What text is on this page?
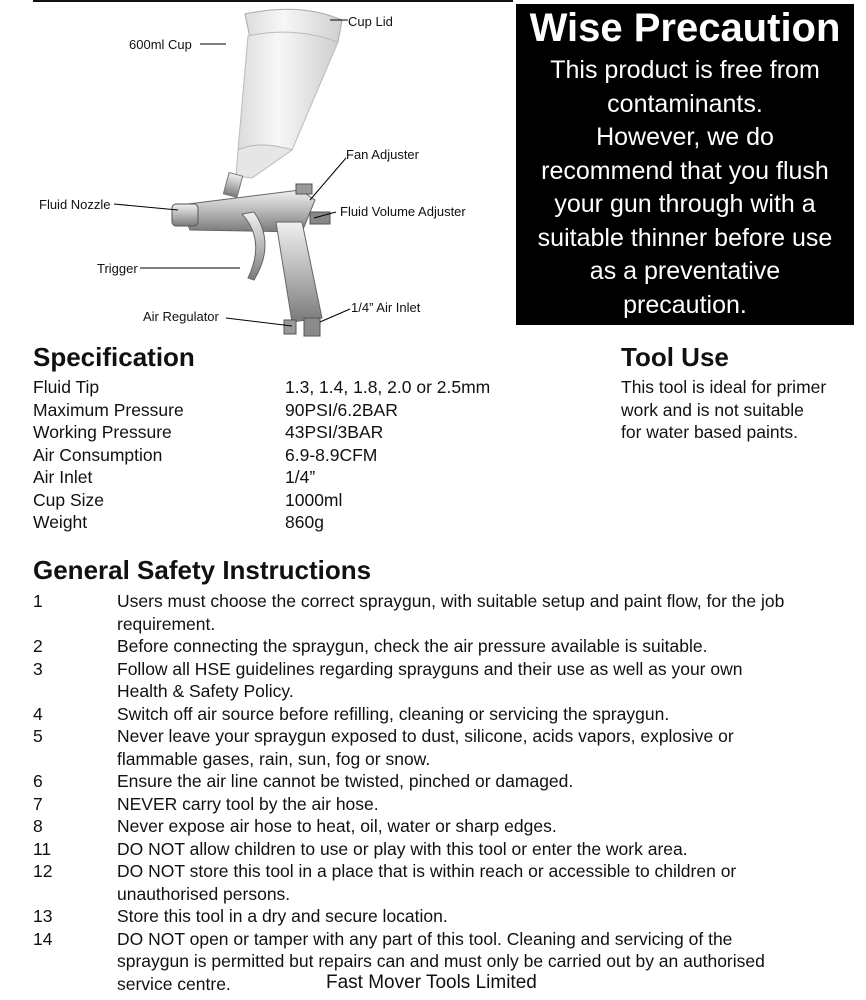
Cup Lid
600ml Cup
Fan Adjuster
Fluid Nozzle	Fluid Volume Adjuster
Trigger
1/4” Air Inlet
Air Regulator
Wise Precaution
This product is free from
contaminants.
However, we do
recommend that you flush
your gun through with a
suitable thinner before use
as a preventative
precaution.
Specification
Fluid Tip	1.3, 1.4, 1.8, 2.0 or 2.5mm
Maximum Pressure	90PSI/6.2BAR
Working Pressure	43PSI/3BAR
Air Consumption	6.9-8.9CFM
Air Inlet	1/4”
Cup Size	1000ml
Weight	860g
Tool Use
This tool is ideal for primer
work and is not suitable
for water based paints.
General Safety Instructions
1	Users must choose the correct spraygun, with suitable setup and paint flow, for the job
requirement.
2	Before connecting the spraygun, check the air pressure available is suitable.
3	Follow all HSE guidelines regarding sprayguns and their use as well as your own
Health & Safety Policy.
4	Switch off air source before refilling, cleaning or servicing the spraygun.
5	Never leave your spraygun exposed to dust, silicone, acids vapors, explosive or
flammable gases, rain, sun, fog or snow.
6	Ensure the air line cannot be twisted, pinched or damaged.
7	NEVER carry tool by the air hose.
8	Never expose air hose to heat, oil, water or sharp edges.
11	DO NOT allow children to use or play with this tool or enter the work area.
12	DO NOT store this tool in a place that is within reach or accessible to children or
unauthorised persons.
13	Store this tool in a dry and secure location.
14	DO NOT open or tamper with any part of this tool. Cleaning and servicing of the
spraygun is permitted but repairs can and must only be carried out by an authorised
service centre.	Fast Mover Tools Limited
